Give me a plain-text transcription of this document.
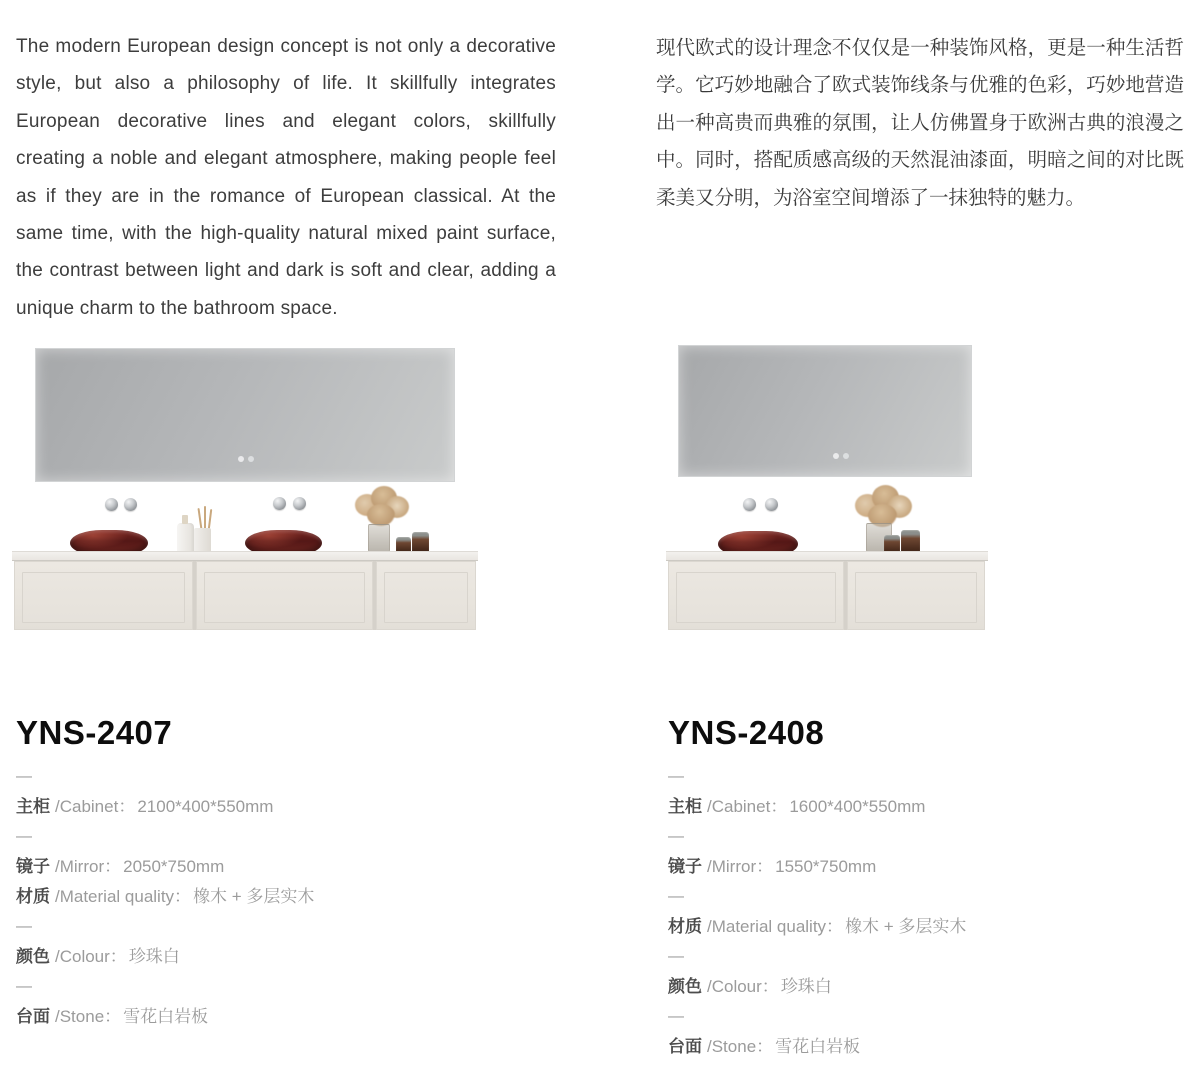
The modern European design concept is not only a decorative style, but also a philosophy of life. It skillfully integrates European decorative lines and elegant colors, skillfully creating a noble and elegant atmosphere, making people feel as if they are in the romance of European classical. At the same time, with the high-quality natural mixed paint surface, the contrast between light and dark is soft and clear, adding a unique charm to the bathroom space.

现代欧式的设计理念不仅仅是一种装饰风格，更是一种生活哲学。它巧妙地融合了欧式装饰线条与优雅的色彩，巧妙地营造出一种高贵而典雅的氛围，让人仿佛置身于欧洲古典的浪漫之中。同时，搭配质感高级的天然混油漆面，明暗之间的对比既柔美又分明，为浴室空间增添了一抹独特的魅力。

YNS-2407	YNS-2408
—
主柜 /Cabinet： 2100*400*550mm
—
镜子 /Mirror： 2050*750mm
材质 /Material quality： 橡木 + 多层实木
—
颜色 /Colour： 珍珠白
—
台面 /Stone： 雪花白岩板
—
主柜 /Cabinet： 1600*400*550mm
—
镜子 /Mirror： 1550*750mm
—
材质 /Material quality： 橡木 + 多层实木
—
颜色 /Colour： 珍珠白
—
台面 /Stone： 雪花白岩板
